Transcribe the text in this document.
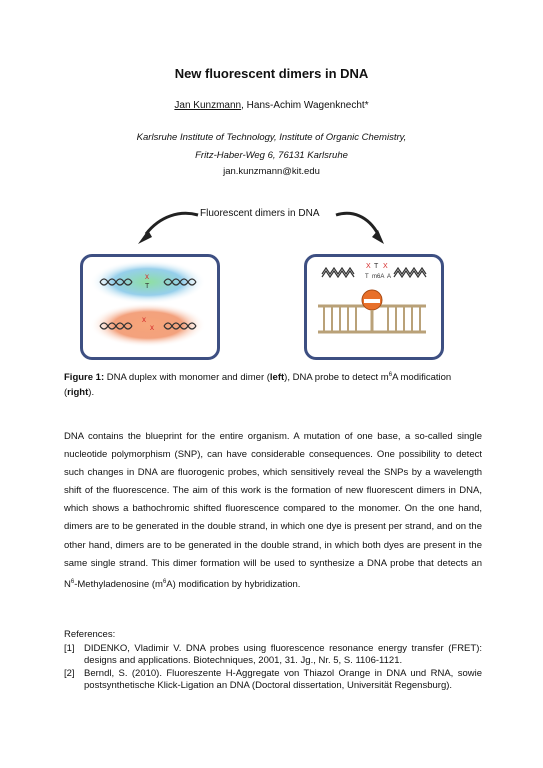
New fluorescent dimers in DNA
Jan Kunzmann, Hans-Achim Wagenknecht*
Karlsruhe Institute of Technology, Institute of Organic Chemistry,
Fritz-Haber-Weg 6, 76131 Karlsruhe
jan.kunzmann@kit.edu
Fluorescent dimers in DNA
x
T
x
x
X T X
T m6A A
Figure 1: DNA duplex with monomer and dimer (left), DNA probe to detect $m^6A$ modification (right).
DNA contains the blueprint for the entire organism. A mutation of one base, a so-called single nucleotide polymorphism (SNP), can have considerable consequences. One possibility to detect such changes in DNA are fluorogenic probes, which sensitively reveal the SNPs by a wavelength shift of the fluorescence. The aim of this work is the formation of new fluorescent dimers in DNA, which shows a bathochromic shifted fluorescence compared to the monomer. On the one hand, dimers are to be generated in the double strand, in which one dye is present per strand, and on the other hand, dimers are to be generated in the double strand, in which both dyes are present in the same single strand. This dimer formation will be used to synthesize a DNA probe that detects an $N^6$-Methyladenosine $(m^6A)$ modification by hybridization.
References:
[1] DIDENKO, Vladimir V. DNA probes using fluorescence resonance energy transfer (FRET): designs and applications. Biotechniques, 2001, 31. Jg., Nr. 5, S. 1106-1121.
[2] Berndl, S. (2010). Fluoreszente H-Aggregate von Thiazol Orange in DNA und RNA, sowie postsynthetische Klick-Ligation an DNA (Doctoral dissertation, Universität Regensburg).
